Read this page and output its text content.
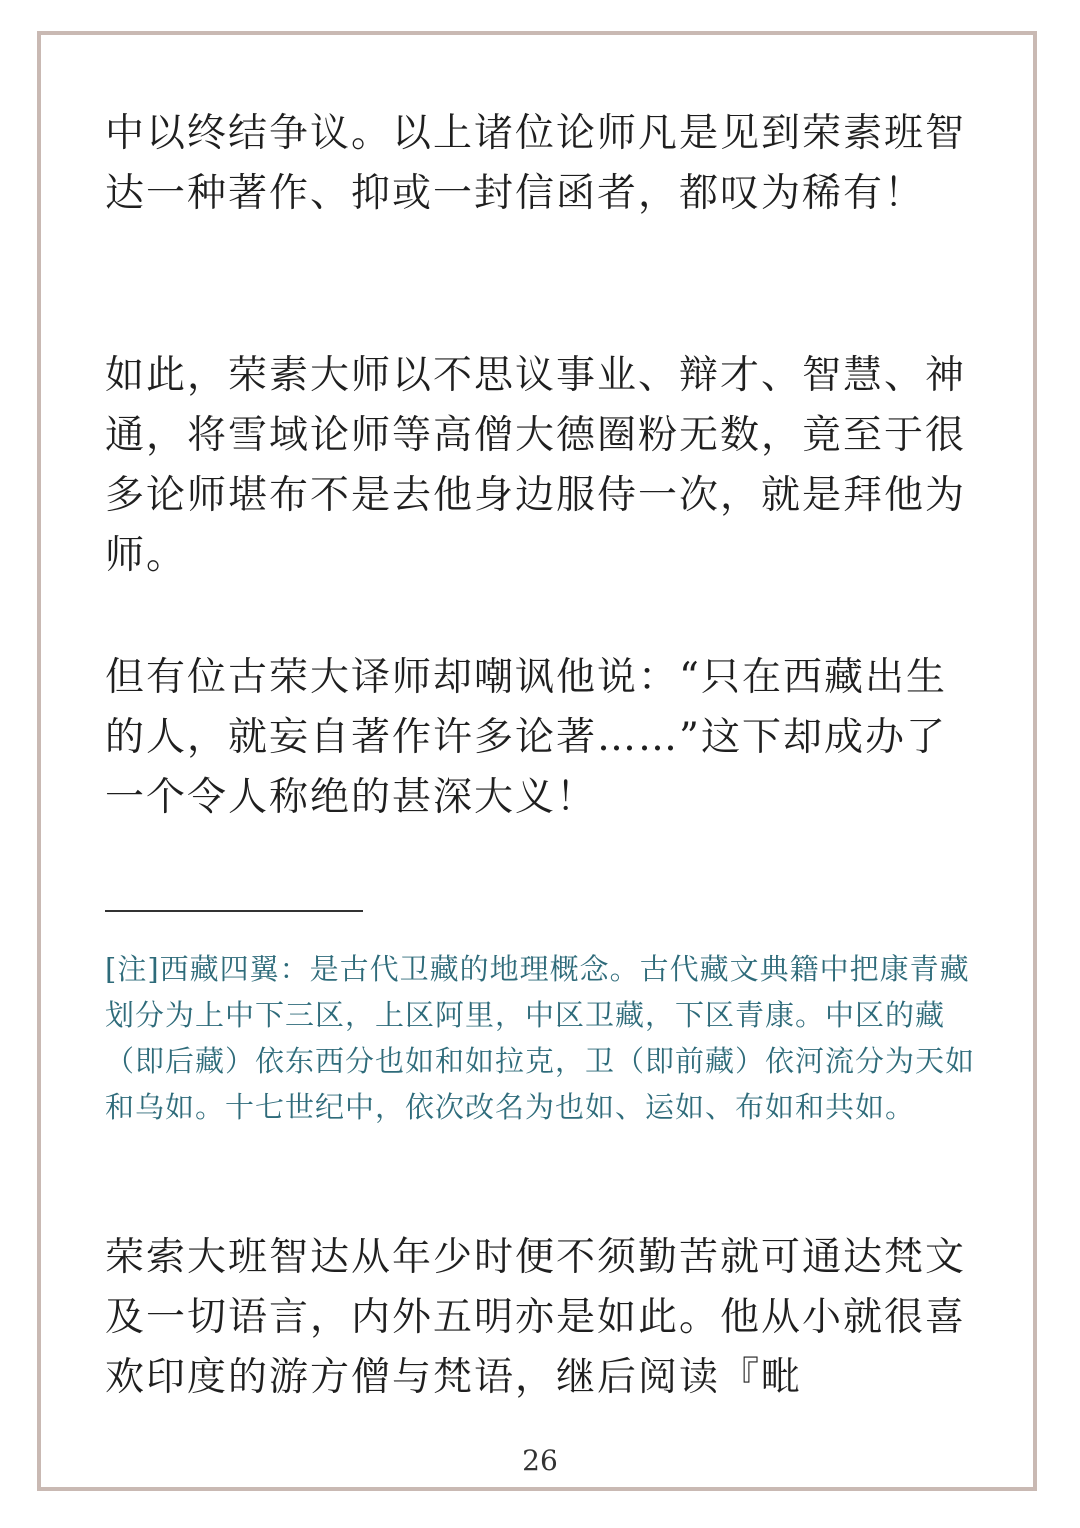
中以终结争议。以上诸位论师凡是见到荣素班智达一种著作、抑或一封信函者，都叹为稀有！

如此，荣素大师以不思议事业、辩才、智慧、神通，将雪域论师等高僧大德圈粉无数，竟至于很多论师堪布不是去他身边服侍一次，就是拜他为师。

但有位古荣大译师却嘲讽他说：“只在西藏出生的人，就妄自著作许多论著……”这下却成办了一个令人称绝的甚深大义！

[注]西藏四翼：是古代卫藏的地理概念。古代藏文典籍中把康青藏划分为上中下三区，上区阿里，中区卫藏，下区青康。中区的藏（即后藏）依东西分也如和如拉克，卫（即前藏）依河流分为天如和乌如。十七世纪中，依次改名为也如、运如、布如和共如。

荣索大班智达从年少时便不须勤苦就可通达梵文及一切语言，内外五明亦是如此。他从小就很喜欢印度的游方僧与梵语，继后阅读『毗

26
